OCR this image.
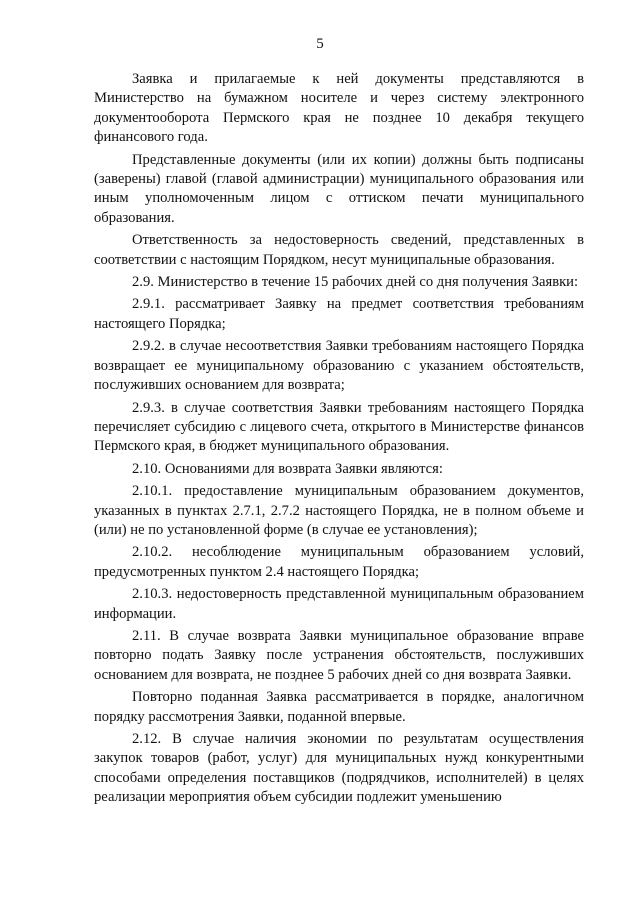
5

Заявка и прилагаемые к ней документы представляются в Министерство на бумажном носителе и через систему электронного документооборота Пермского края не позднее 10 декабря текущего финансового года.

Представленные документы (или их копии) должны быть подписаны (заверены) главой (главой администрации) муниципального образования или иным уполномоченным лицом с оттиском печати муниципального образования.

Ответственность за недостоверность сведений, представленных в соответствии с настоящим Порядком, несут муниципальные образования.

2.9. Министерство в течение 15 рабочих дней со дня получения Заявки:

2.9.1. рассматривает Заявку на предмет соответствия требованиям настоящего Порядка;

2.9.2. в случае несоответствия Заявки требованиям настоящего Порядка возвращает ее муниципальному образованию с указанием обстоятельств, послуживших основанием для возврата;

2.9.3. в случае соответствия Заявки требованиям настоящего Порядка перечисляет субсидию с лицевого счета, открытого в Министерстве финансов Пермского края, в бюджет муниципального образования.

2.10. Основаниями для возврата Заявки являются:

2.10.1. предоставление муниципальным образованием документов, указанных в пунктах 2.7.1, 2.7.2 настоящего Порядка, не в полном объеме и (или) не по установленной форме (в случае ее установления);

2.10.2. несоблюдение муниципальным образованием условий, предусмотренных пунктом 2.4 настоящего Порядка;

2.10.3. недостоверность представленной муниципальным образованием информации.

2.11. В случае возврата Заявки муниципальное образование вправе повторно подать Заявку после устранения обстоятельств, послуживших основанием для возврата, не позднее 5 рабочих дней со дня возврата Заявки.

Повторно поданная Заявка рассматривается в порядке, аналогичном порядку рассмотрения Заявки, поданной впервые.

2.12. В случае наличия экономии по результатам осуществления закупок товаров (работ, услуг) для муниципальных нужд конкурентными способами определения поставщиков (подрядчиков, исполнителей) в целях реализации мероприятия объем субсидии подлежит уменьшению
